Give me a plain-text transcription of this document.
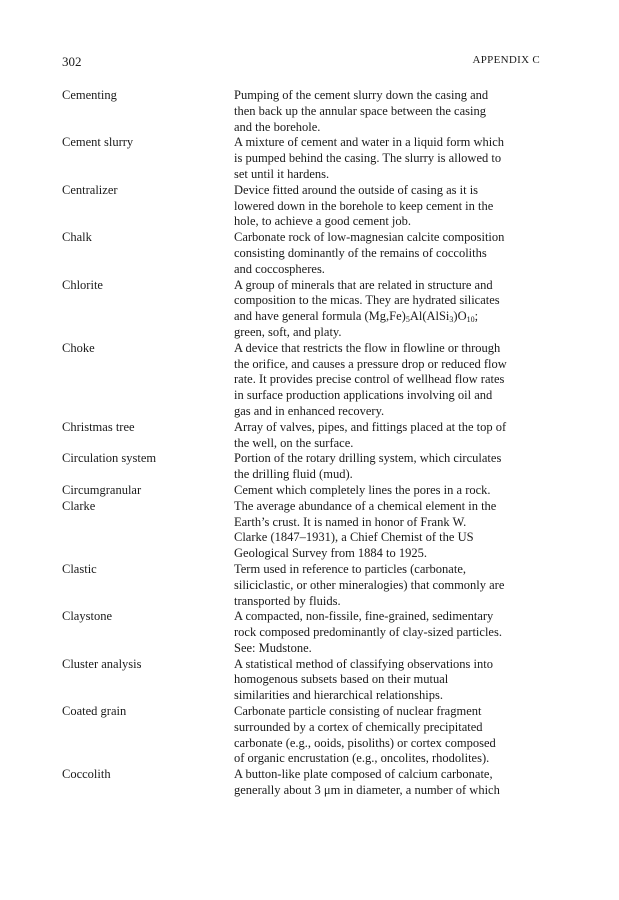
302	APPENDIX C
Cementing	Pumping of the cement slurry down the casing and
then back up the annular space between the casing
and the borehole.
Cement slurry	A mixture of cement and water in a liquid form which
is pumped behind the casing. The slurry is allowed to
set until it hardens.
Centralizer	Device fitted around the outside of casing as it is
lowered down in the borehole to keep cement in the
hole, to achieve a good cement job.
Chalk	Carbonate rock of low-magnesian calcite composition
consisting dominantly of the remains of coccoliths
and coccospheres.
Chlorite	A group of minerals that are related in structure and
composition to the micas. They are hydrated silicates
and have general formula $(Mg,Fe)_5Al(AlSi_3)O_{10}$;
green, soft, and platy.
Choke	A device that restricts the flow in flowline or through
the orifice, and causes a pressure drop or reduced flow
rate. It provides precise control of wellhead flow rates
in surface production applications involving oil and
gas and in enhanced recovery.
Christmas tree	Array of valves, pipes, and fittings placed at the top of
the well, on the surface.
Circulation system	Portion of the rotary drilling system, which circulates
the drilling fluid (mud).
Circumgranular	Cement which completely lines the pores in a rock.
Clarke	The average abundance of a chemical element in the
Earth’s crust. It is named in honor of Frank W.
Clarke (1847–1931), a Chief Chemist of the US
Geological Survey from 1884 to 1925.
Clastic	Term used in reference to particles (carbonate,
siliciclastic, or other mineralogies) that commonly are
transported by fluids.
Claystone	A compacted, non-fissile, fine-grained, sedimentary
rock composed predominantly of clay-sized particles.
See: Mudstone.
Cluster analysis	A statistical method of classifying observations into
homogenous subsets based on their mutual
similarities and hierarchical relationships.
Coated grain	Carbonate particle consisting of nuclear fragment
surrounded by a cortex of chemically precipitated
carbonate (e.g., ooids, pisoliths) or cortex composed
of organic encrustation (e.g., oncolites, rhodolites).
Coccolith	A button-like plate composed of calcium carbonate,
generally about 3 μm in diameter, a number of which
